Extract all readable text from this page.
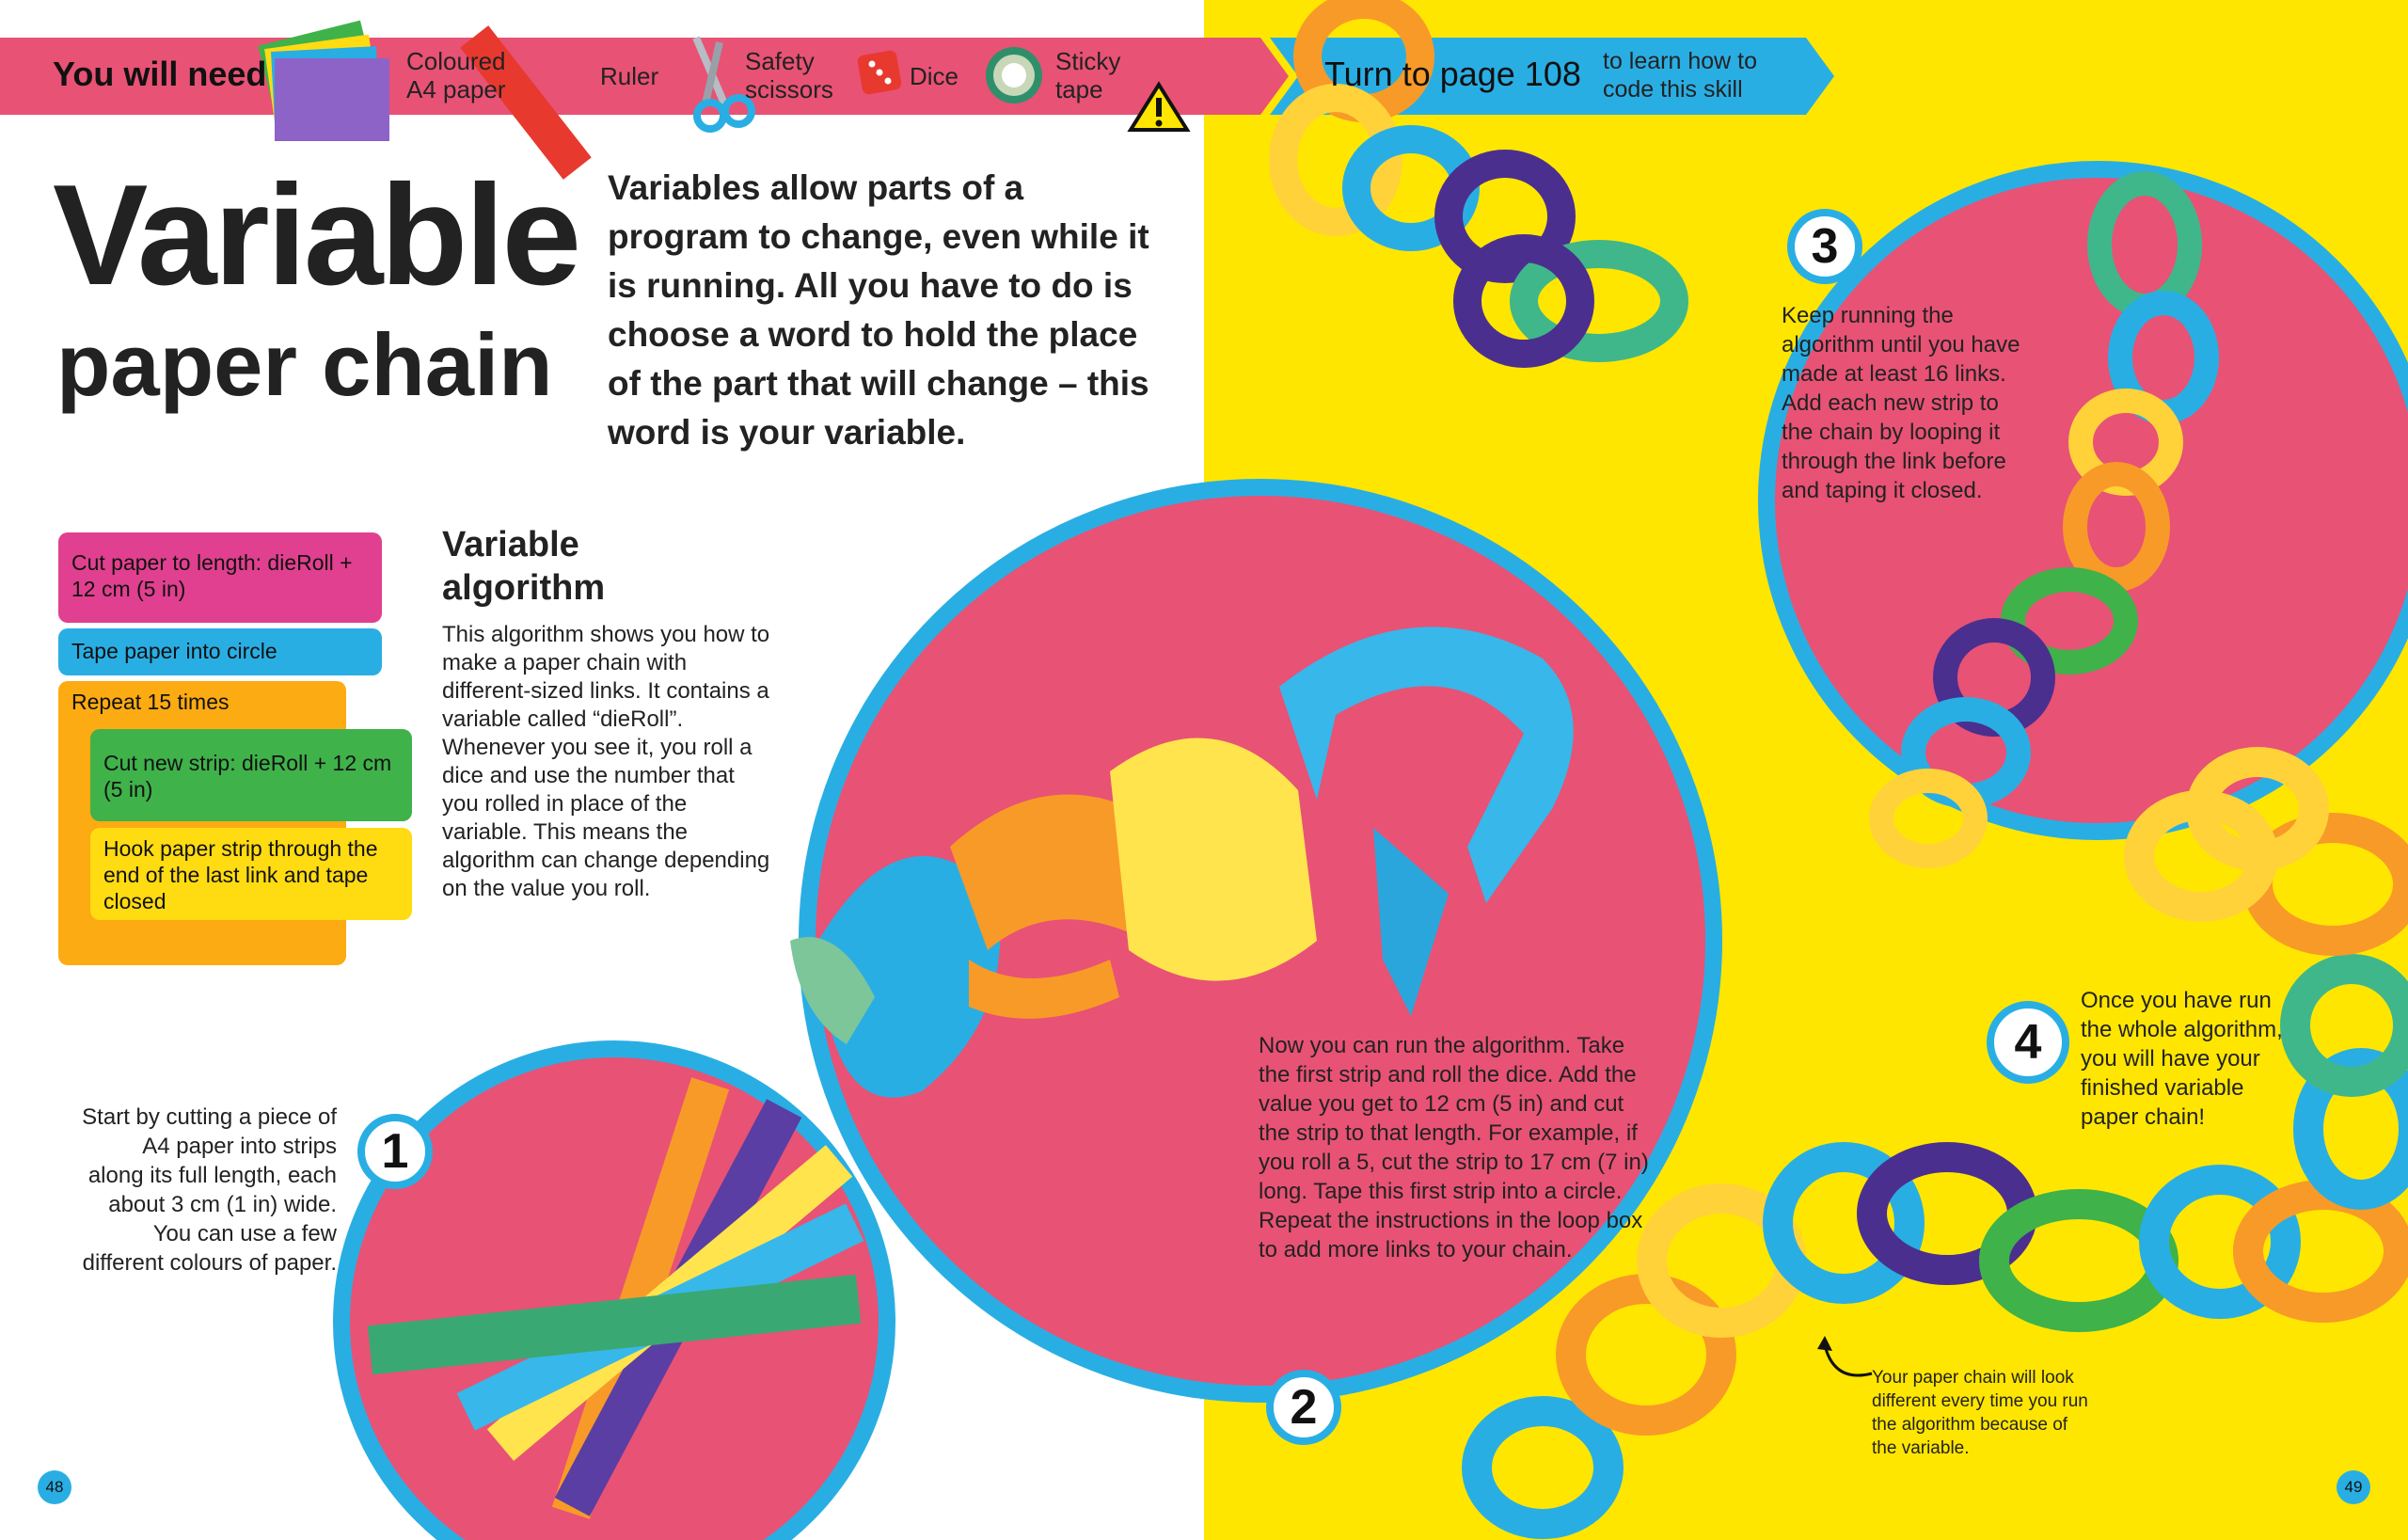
You will need	Coloured A4 paper	Ruler
Safety scissors	Dice
Sticky tape	Turn to page 108 to learn how to code this skill
Variable
paper chain
Variables allow parts of a program to change, even while it is running. All you have to do is choose a word to hold the place of the part that will change – this word is your variable.
Cut paper to length: dieRoll + 12 cm (5 in)
Tape paper into circle
Repeat 15 times
Cut new strip: dieRoll + 12 cm (5 in)
Hook paper strip through the end of the last link and tape closed
Variable algorithm
This algorithm shows you how to make a paper chain with different-sized links. It contains a variable called “dieRoll”. Whenever you see it, you roll a dice and use the number that you rolled in place of the variable. This means the algorithm can change depending on the value you roll.
Start by cutting a piece of A4 paper into strips along its full length, each about 3 cm (1 in) wide. You can use a few different colours of paper.
1
Now you can run the algorithm. Take the first strip and roll the dice. Add the value you get to 12 cm (5 in) and cut the strip to that length. For example, if you roll a 5, cut the strip to 17 cm (7 in) long. Tape this first strip into a circle. Repeat the instructions in the loop box to add more links to your chain.
2
Keep running the algorithm until you have made at least 16 links. Add each new strip to the chain by looping it through the link before and taping it closed.
3
Once you have run the whole algorithm, you will have your finished variable paper chain!
4
Your paper chain will look different every time you run the algorithm because of the variable.
48	49
